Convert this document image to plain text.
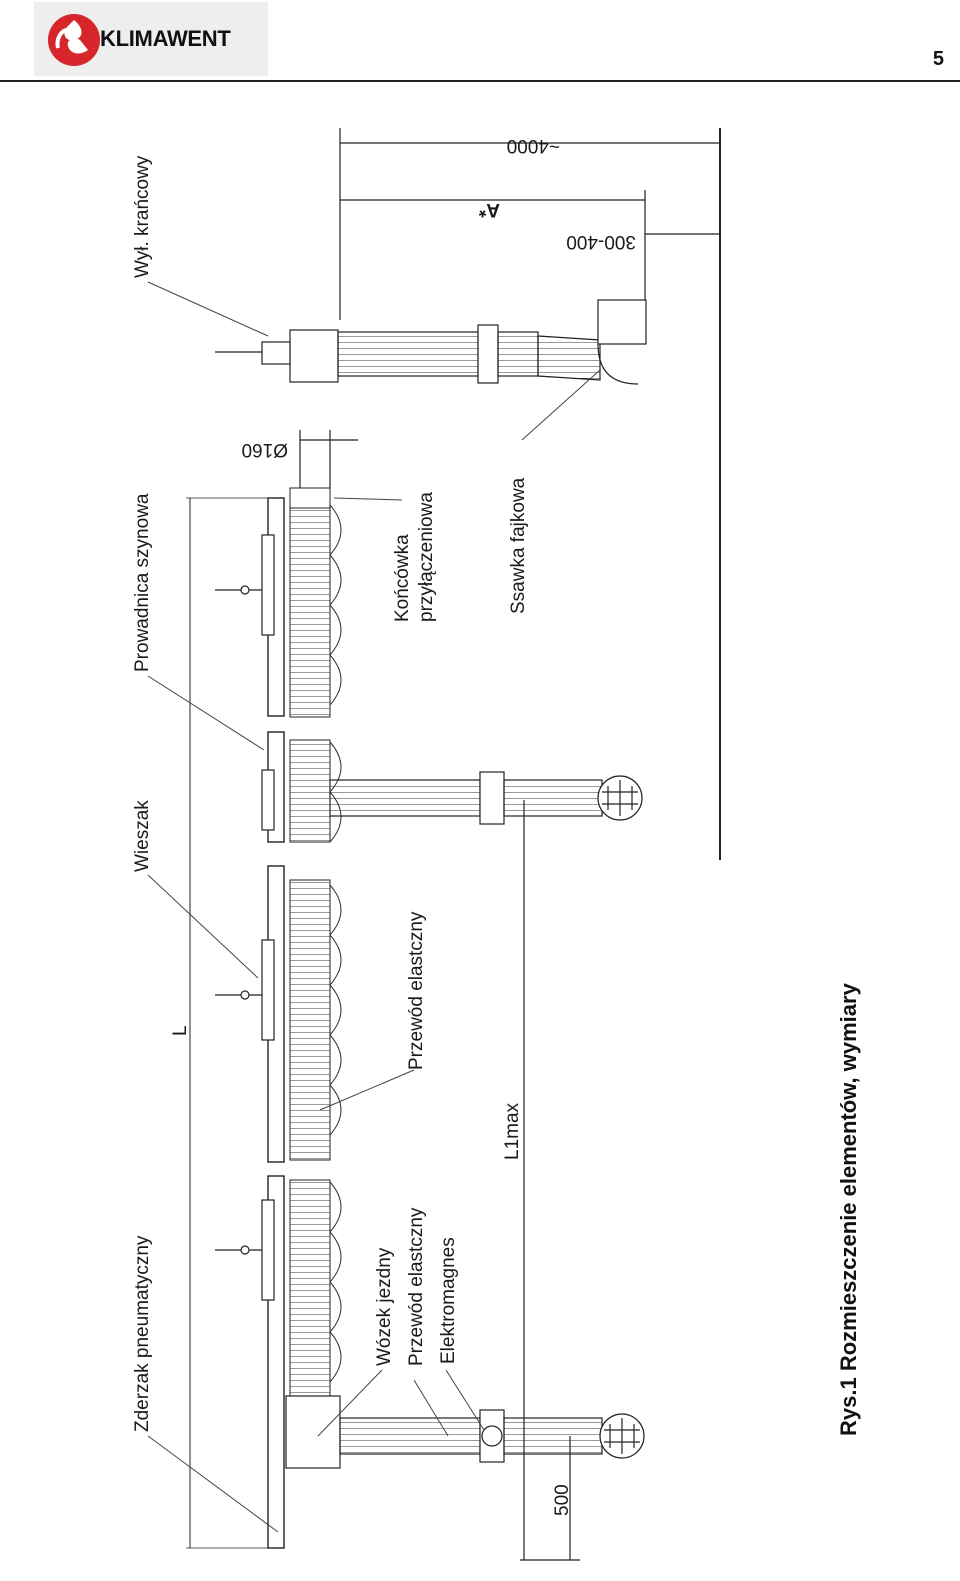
KLIMAWENT
5
Wył. krańcowy
Prowadnica szynowa
Wieszak
Zderzak pneumatyczny
Końcówka przyłączeniowa	Ssawka fajkowa
Przewód elastczny
Wózek jezdny Przewód elastczny Elektromagnes
~4000
A*
300-400
Ø160
L
L1max
500
Rys.1 Rozmieszczenie elementów, wymiary
